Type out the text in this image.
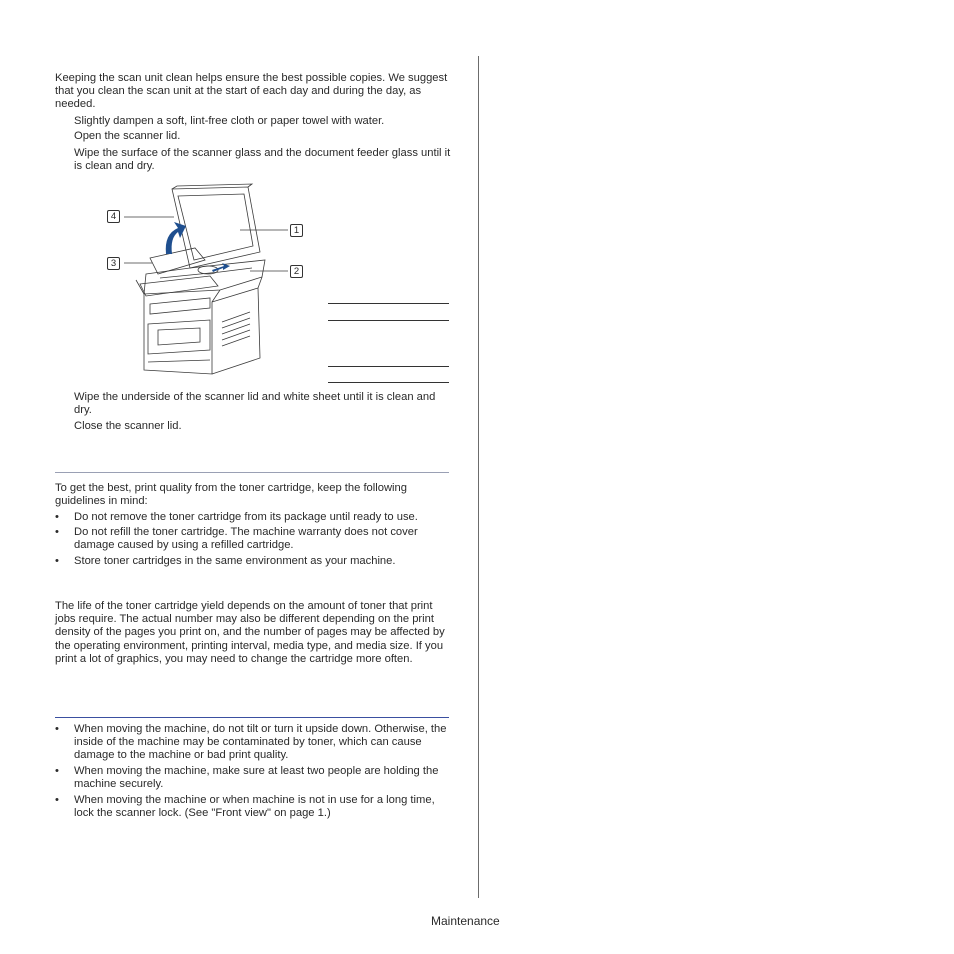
Keeping the scan unit clean helps ensure the best possible copies. We suggest that you clean the scan unit at the start of each day and during the day, as needed.
Slightly dampen a soft, lint-free cloth or paper towel with water.
Open the scanner lid.
Wipe the surface of the scanner glass and the document feeder glass until it is clean and dry.
4
1
3
2
Wipe the underside of the scanner lid and white sheet until it is clean and dry.
Close the scanner lid.
To get the best, print quality from the toner cartridge, keep the following guidelines in mind:
• Do not remove the toner cartridge from its package until ready to use.
• Do not refill the toner cartridge. The machine warranty does not cover damage caused by using a refilled cartridge.
• Store toner cartridges in the same environment as your machine.
The life of the toner cartridge yield depends on the amount of toner that print jobs require. The actual number may also be different depending on the print density of the pages you print on, and the number of pages may be affected by the operating environment, printing interval, media type, and media size. If you print a lot of graphics, you may need to change the cartridge more often.
• When moving the machine, do not tilt or turn it upside down. Otherwise, the inside of the machine may be contaminated by toner, which can cause damage to the machine or bad print quality.
• When moving the machine, make sure at least two people are holding the machine securely.
• When moving the machine or when machine is not in use for a long time, lock the scanner lock. (See "Front view" on page 1.)
Maintenance
